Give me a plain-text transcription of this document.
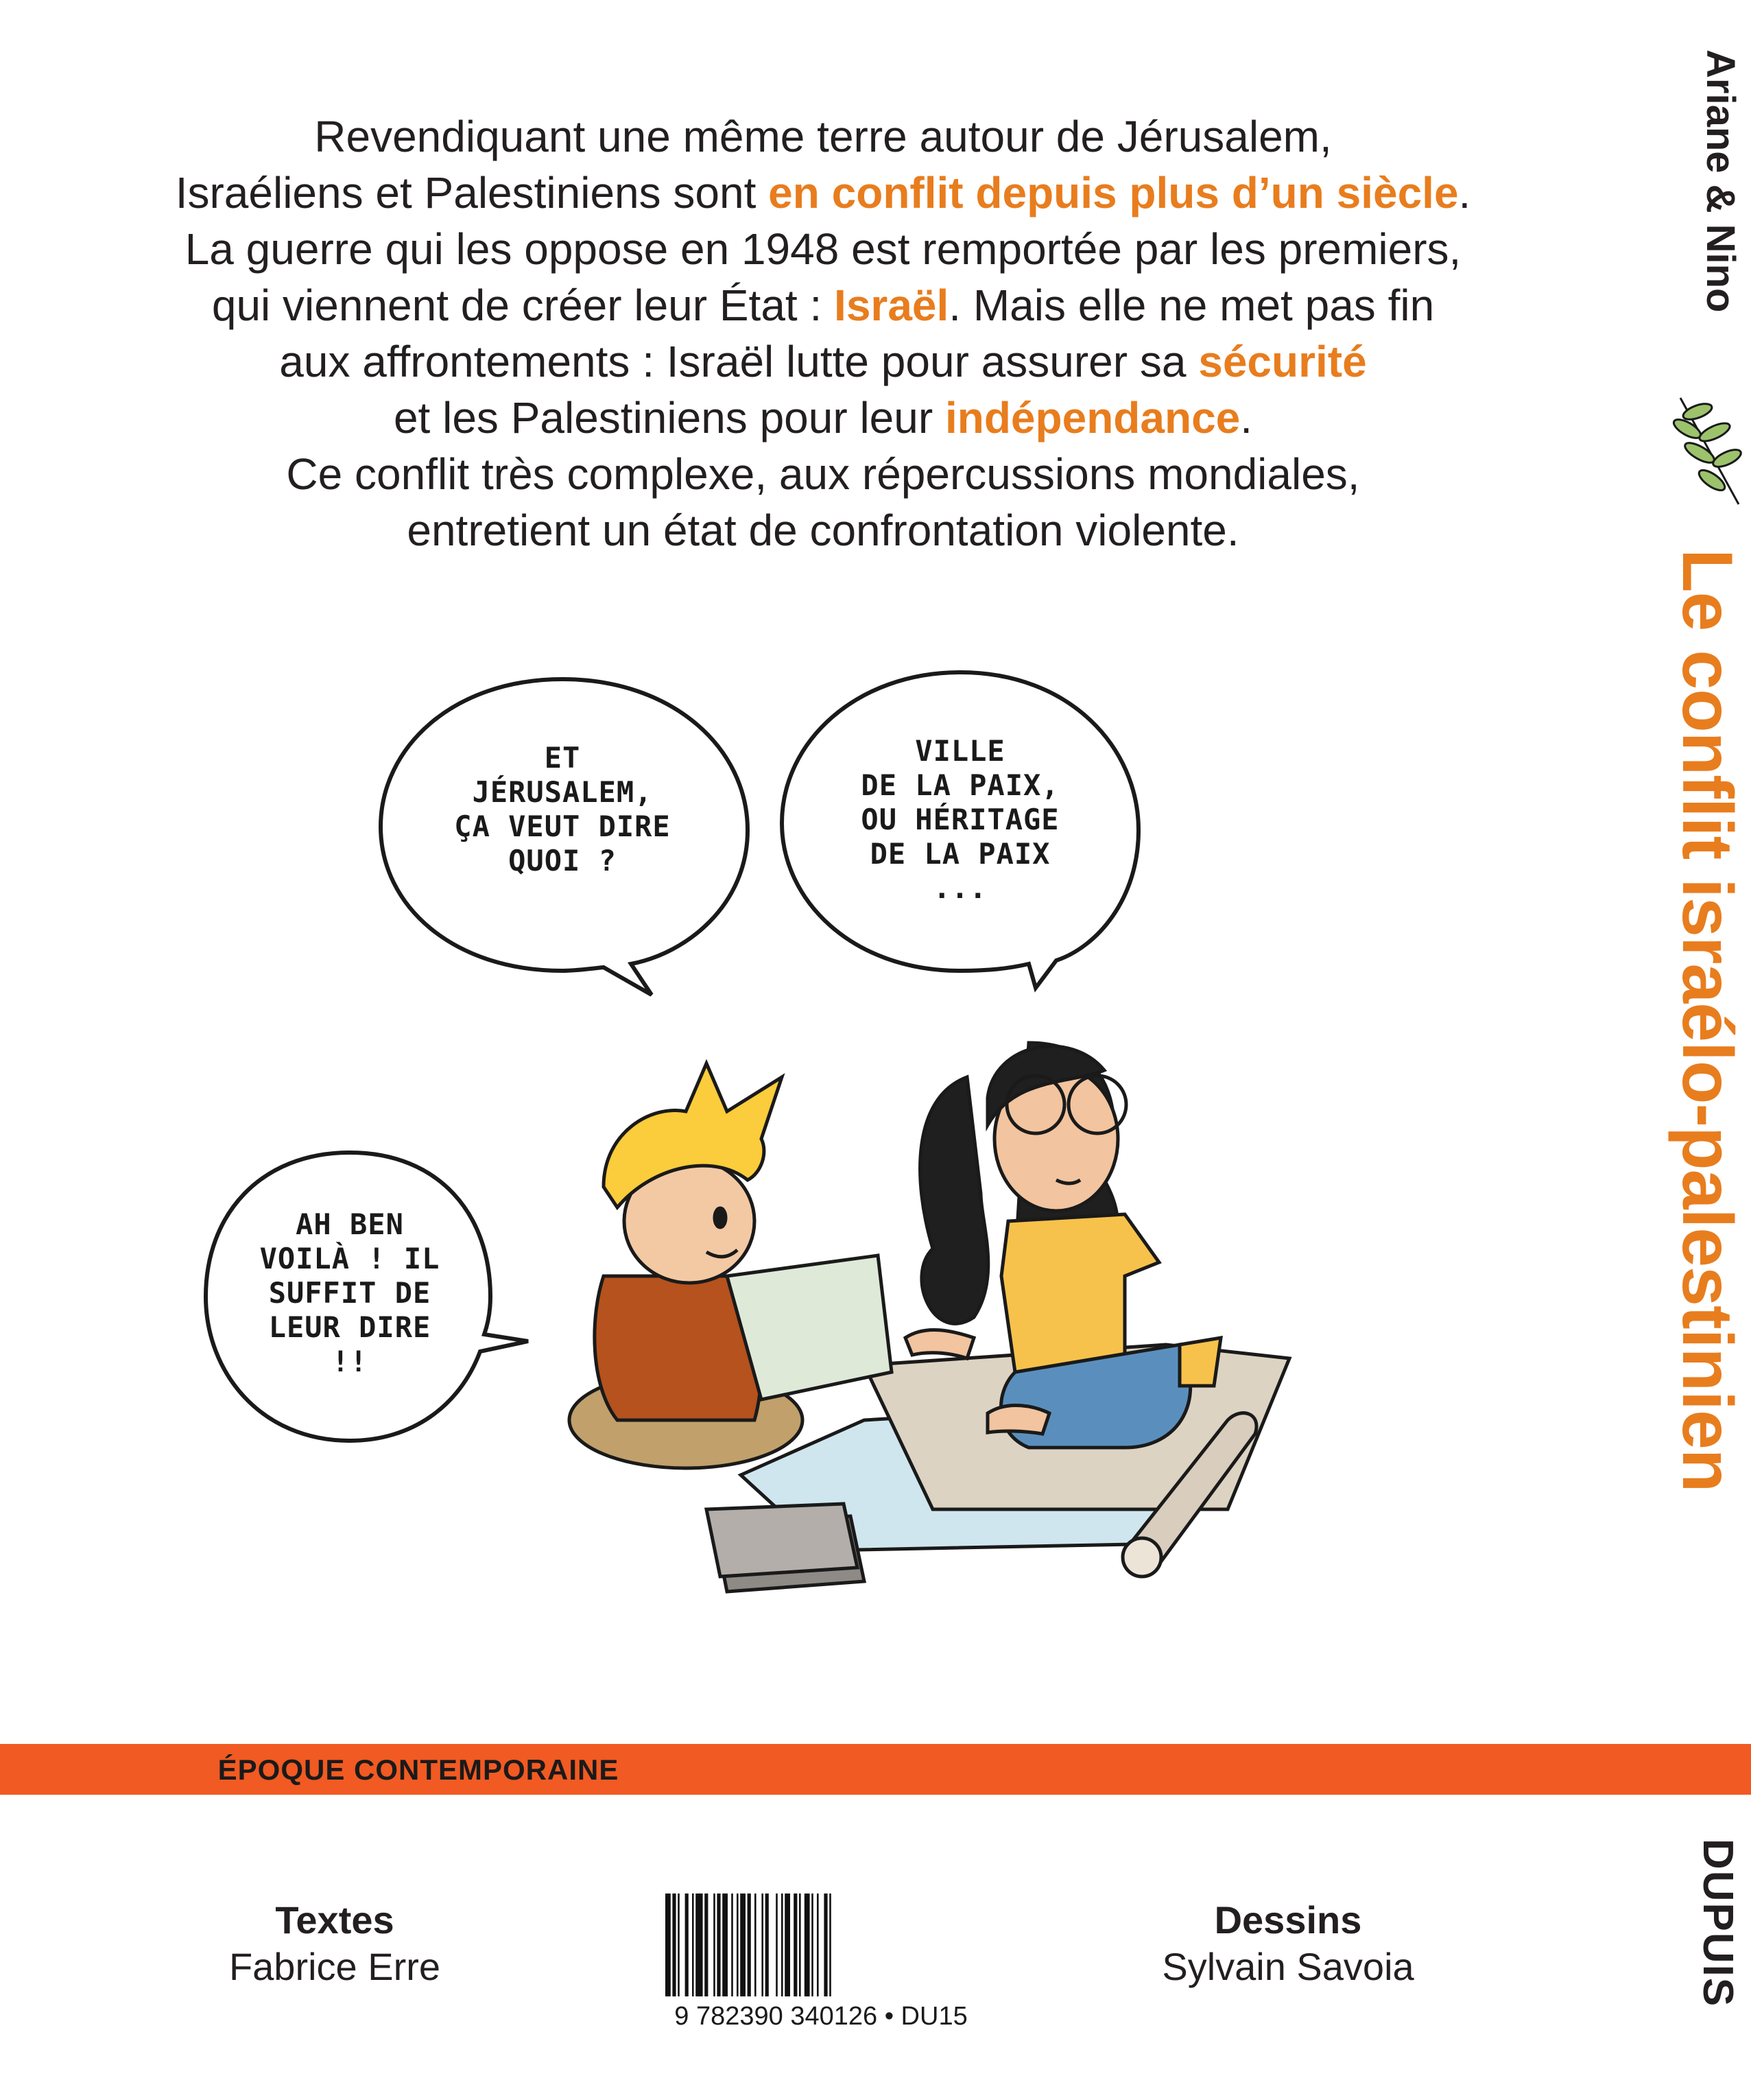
Revendiquant une même terre autour de Jérusalem,
Israéliens et Palestiniens sont en conflit depuis plus d’un siècle.
La guerre qui les oppose en 1948 est remportée par les premiers,
qui viennent de créer leur État : Israël. Mais elle ne met pas fin
aux affrontements : Israël lutte pour assurer sa sécurité
et les Palestiniens pour leur indépendance.
Ce conflit très complexe, aux répercussions mondiales,
entretient un état de confrontation violente.
ET
JÉRUSALEM,
ÇA VEUT DIRE
QUOI ?
VILLE
DE LA PAIX,
OU HÉRITAGE
DE LA PAIX
...
AH BEN
VOILÀ ! IL
SUFFIT DE
LEUR DIRE
!!
Ariane & Nino
Le conflit israélo-palestinien
DUPUIS
ÉPOQUE CONTEMPORAINE
Textes
Fabrice Erre
Dessins
Sylvain Savoia
9 782390 340126 • DU15
